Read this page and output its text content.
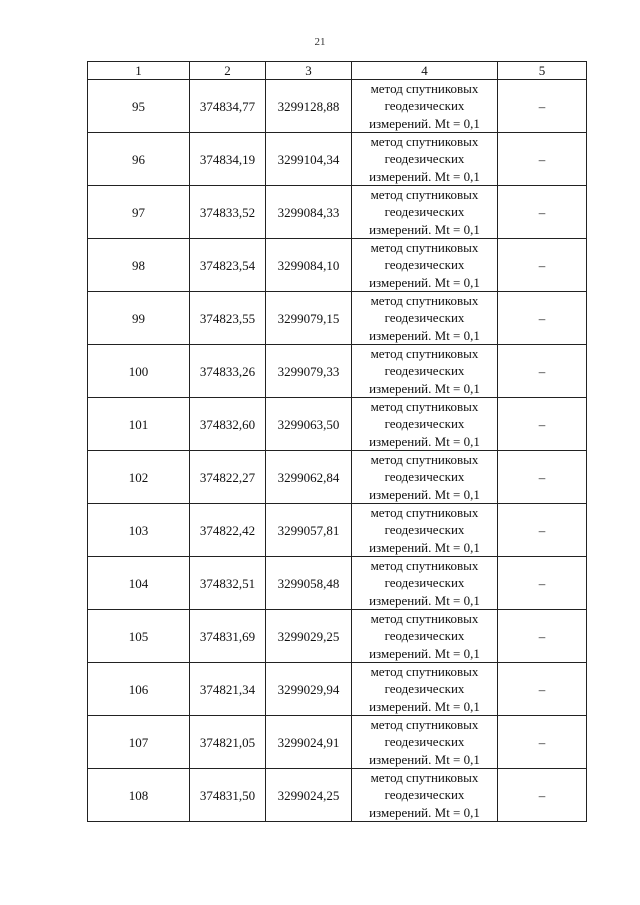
21
1	2	3	4	5
95	374834,77	3299128,88	метод спутниковых
геодезических
измерений. Mt = 0,1	–
96	374834,19	3299104,34	метод спутниковых
геодезических
измерений. Mt = 0,1	–
97	374833,52	3299084,33	метод спутниковых
геодезических
измерений. Mt = 0,1	–
98	374823,54	3299084,10	метод спутниковых
геодезических
измерений. Mt = 0,1	–
99	374823,55	3299079,15	метод спутниковых
геодезических
измерений. Mt = 0,1	–
100	374833,26	3299079,33	метод спутниковых
геодезических
измерений. Mt = 0,1	–
101	374832,60	3299063,50	метод спутниковых
геодезических
измерений. Mt = 0,1	–
102	374822,27	3299062,84	метод спутниковых
геодезических
измерений. Mt = 0,1	–
103	374822,42	3299057,81	метод спутниковых
геодезических
измерений. Mt = 0,1	–
104	374832,51	3299058,48	метод спутниковых
геодезических
измерений. Mt = 0,1	–
105	374831,69	3299029,25	метод спутниковых
геодезических
измерений. Mt = 0,1	–
106	374821,34	3299029,94	метод спутниковых
геодезических
измерений. Mt = 0,1	–
107	374821,05	3299024,91	метод спутниковых
геодезических
измерений. Mt = 0,1	–
108	374831,50	3299024,25	метод спутниковых
геодезических
измерений. Mt = 0,1	–
